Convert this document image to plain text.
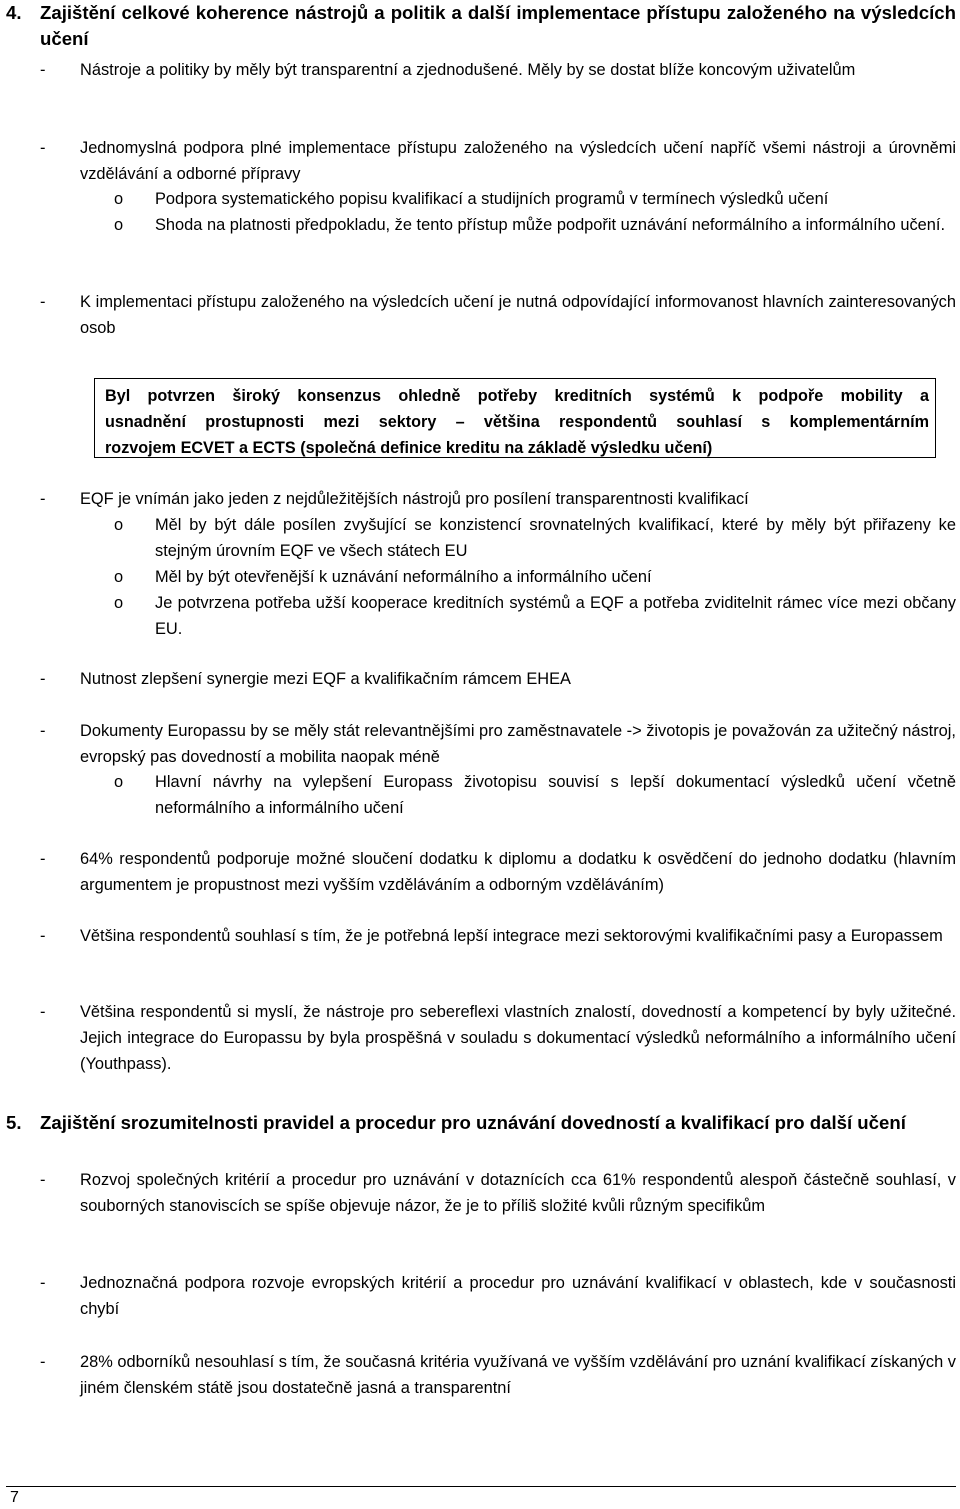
4. Zajištění celkové koherence nástrojů a politik a další implementace přístupu založeného na výsledcích učení
-	Nástroje a politiky by měly být transparentní a zjednodušené. Měly by se dostat blíže koncovým uživatelům
-	Jednomyslná podpora plné implementace přístupu založeného na výsledcích učení napříč všemi nástroji a úrovněmi vzdělávání a odborné přípravy
o	Podpora systematického popisu kvalifikací a studijních programů v termínech výsledků učení
o	Shoda na platnosti předpokladu, že tento přístup může podpořit uznávání neformálního a informálního učení.
-	K implementaci přístupu založeného na výsledcích učení je nutná odpovídající informovanost hlavních zainteresovaných osob
Byl potvrzen široký konsenzus ohledně potřeby kreditních systémů k podpoře mobility a
usnadnění prostupnosti mezi sektory – většina respondentů souhlasí s komplementárním
rozvojem ECVET a ECTS (společná definice kreditu na základě výsledku učení)
-	EQF je vnímán jako jeden z nejdůležitějších nástrojů pro posílení transparentnosti kvalifikací
o	Měl by být dále posílen zvyšující se konzistencí srovnatelných kvalifikací, které by měly být přiřazeny ke stejným úrovním EQF ve všech státech EU
o	Měl by být otevřenější k uznávání neformálního a informálního učení
o	Je potvrzena potřeba užší kooperace kreditních systémů a EQF a potřeba zviditelnit rámec více mezi občany EU.
-	Nutnost zlepšení synergie mezi EQF a kvalifikačním rámcem EHEA
-	Dokumenty Europassu by se měly stát relevantnějšími pro zaměstnavatele -> životopis je považován za užitečný nástroj, evropský pas dovedností a mobilita naopak méně
o	Hlavní návrhy na vylepšení Europass životopisu souvisí s lepší dokumentací výsledků učení včetně neformálního a informálního učení
-	64% respondentů podporuje možné sloučení dodatku k diplomu a dodatku k osvědčení do jednoho dodatku (hlavním argumentem je propustnost mezi vyšším vzděláváním a odborným vzděláváním)
-	Většina respondentů souhlasí s tím, že je potřebná lepší integrace mezi sektorovými kvalifikačními pasy a Europassem
-	Většina respondentů si myslí, že nástroje pro sebereflexi vlastních znalostí, dovedností a kompetencí by byly užitečné. Jejich integrace do Europassu by byla prospěšná v souladu s dokumentací výsledků neformálního a informálního učení (Youthpass).
5. Zajištění srozumitelnosti pravidel a procedur pro uznávání dovedností a kvalifikací pro další učení
-	Rozvoj společných kritérií a procedur pro uznávání v dotaznících cca 61% respondentů alespoň částečně souhlasí, v souborných stanoviscích se spíše objevuje názor, že je to příliš složité kvůli různým specifikům
-	Jednoznačná podpora rozvoje evropských kritérií a procedur pro uznávání kvalifikací v oblastech, kde v současnosti chybí
-	28% odborníků nesouhlasí s tím, že současná kritéria využívaná ve vyšším vzdělávání pro uznání kvalifikací získaných v jiném členském státě jsou dostatečně jasná a transparentní
7
